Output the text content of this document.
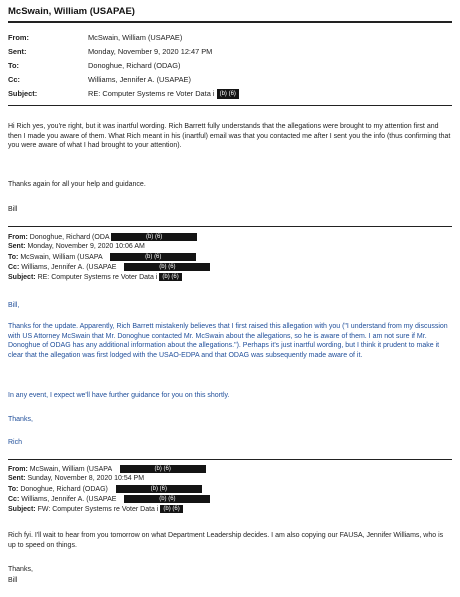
McSwain, William (USAPAE)
From:	McSwain, William (USAPAE)
Sent:	Monday, November 9, 2020 12:47 PM
To:	Donoghue, Richard (ODAG)
Cc:	Williams, Jennifer A. (USAPAE)
Subject:	RE: Computer Systems re Voter Data i (b) (6)
Hi Rich yes, you're right, but it was inartful wording. Rich Barrett fully understands that the allegations were brought to my attention first and then I made you aware of them. What Rich meant in his (inartful) email was that you contacted me after I sent you the info (thus confirming that you were aware of what I had brought to your attention).
Thanks again for all your help and guidance.
Bill
From: Donoghue, Richard (ODA	(b) (6)
Sent: Monday, November 9, 2020 10:06 AM
To: McSwain, William (USAPA	(b) (6)
Cc: Williams, Jennifer A. (USAPAE	(b) (6)
Subject: RE: Computer Systems re Voter Data i (b) (6)
Bill,
Thanks for the update. Apparently, Rich Barrett mistakenly believes that I first raised this allegation with you ("I understand from my discussion with US Attorney McSwain that Mr. Donoghue contacted Mr. McSwain about the allegations, so he is aware of them. I am not sure if Mr. Donoghue of ODAG has any additional information about the allegations."). Perhaps it's just inartful wording, but I think it prudent to make it clear that the allegation was first lodged with the USAO-EDPA and that ODAG was subsequently made aware of it.
In any event, I expect we'll have further guidance for you on this shortly.
Thanks,
Rich
From: McSwain, William (USAPA	(b) (6)
Sent: Sunday, November 8, 2020 10:54 PM
To: Donoghue, Richard (ODAG)	(b) (6)
Cc: Williams, Jennifer A. (USAPAE	(b) (6)
Subject: FW: Computer Systems re Voter Data i (b) (6)
Rich fyi. I'll wait to hear from you tomorrow on what Department Leadership decides. I am also copying our FAUSA, Jennifer Williams, who is up to speed on things.
Thanks,
Bill
